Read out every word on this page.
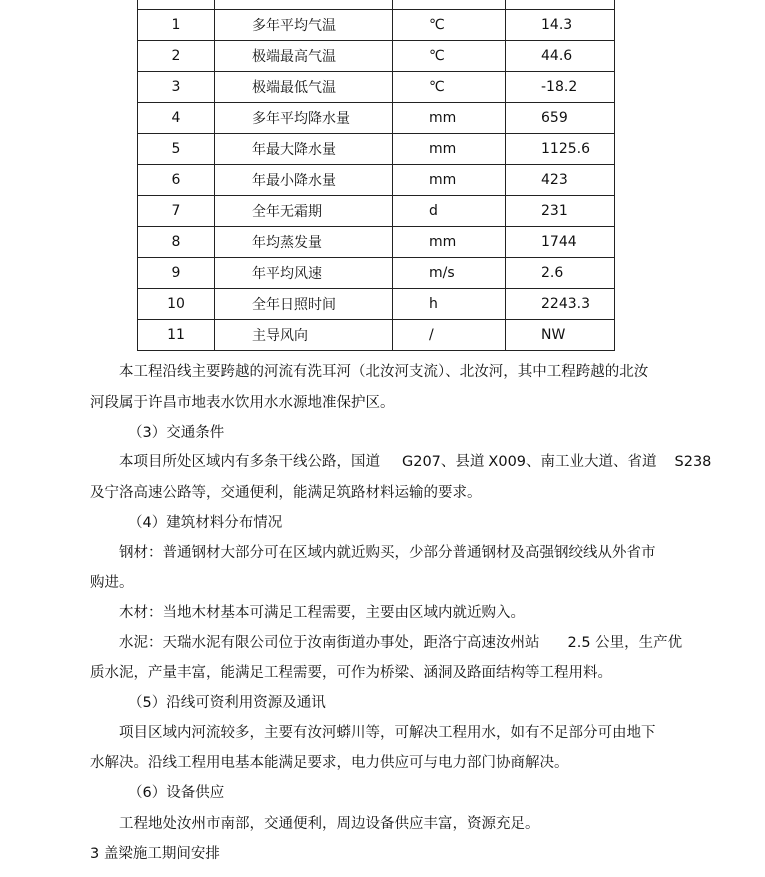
1	多年平均气温	℃	14.3
2	极端最高气温	℃	44.6
3	极端最低气温	℃	-18.2
4	多年平均降水量	mm	659
5	年最大降水量	mm	1125.6
6	年最小降水量	mm	423
7	全年无霜期	d	231
8	年均蒸发量	mm	1744
9	年平均风速	m/s	2.6
10	全年日照时间	h	2243.3
11	主导风向	/	NW
本工程沿线主要跨越的河流有洗耳河（北汝河支流）、北汝河，其中工程跨越的北汝
河段属于许昌市地表水饮用水水源地准保护区。
（3）交通条件
本项目所处区域内有多条干线公路，国道 G207、县道 X009、南工业大道、省道 S238
及宁洛高速公路等，交通便利，能满足筑路材料运输的要求。
（4）建筑材料分布情况
钢材：普通钢材大部分可在区域内就近购买，少部分普通钢材及高强钢绞线从外省市
购进。
木材：当地木材基本可满足工程需要，主要由区域内就近购入。
水泥：天瑞水泥有限公司位于汝南街道办事处，距洛宁高速汝州站 2.5 公里，生产优
质水泥，产量丰富，能满足工程需要，可作为桥梁、涵洞及路面结构等工程用料。
（5）沿线可资利用资源及通讯
项目区域内河流较多，主要有汝河蟒川等，可解决工程用水，如有不足部分可由地下
水解决。沿线工程用电基本能满足要求，电力供应可与电力部门协商解决。
（6）设备供应
工程地处汝州市南部，交通便利，周边设备供应丰富，资源充足。
3 盖梁施工期间安排
